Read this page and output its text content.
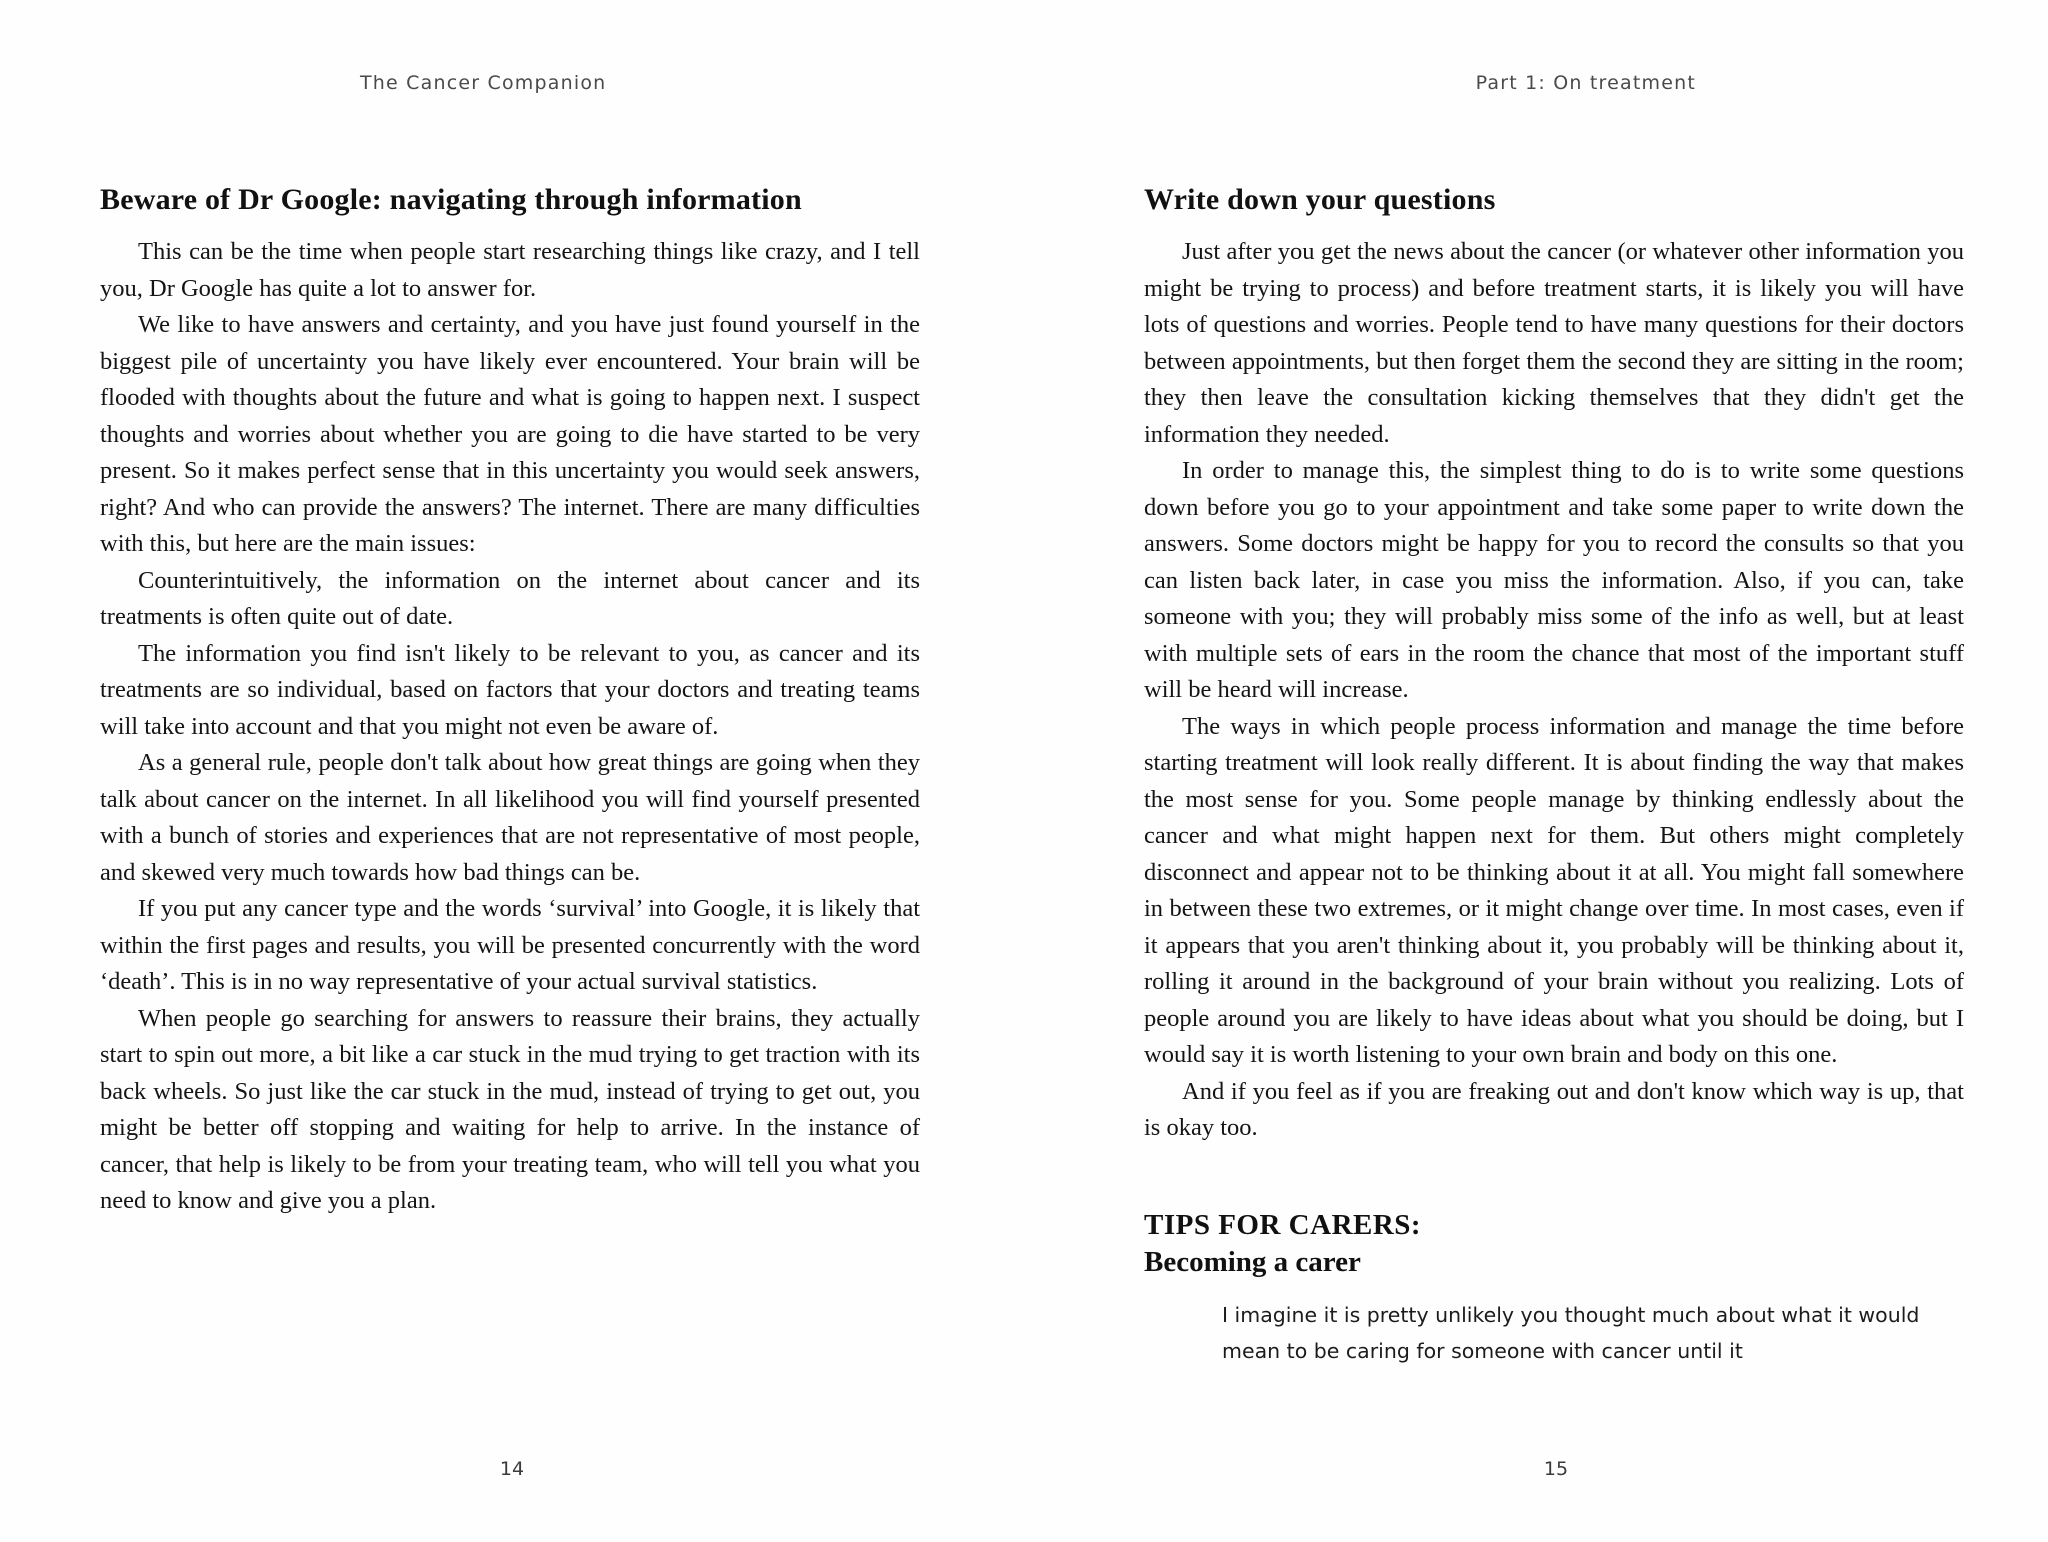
The Cancer Companion
Beware of Dr Google: navigating through information

This can be the time when people start researching things like crazy, and I tell you, Dr Google has quite a lot to answer for.

We like to have answers and certainty, and you have just found yourself in the biggest pile of uncertainty you have likely ever encountered. Your brain will be flooded with thoughts about the future and what is going to happen next. I suspect thoughts and worries about whether you are going to die have started to be very present. So it makes perfect sense that in this uncertainty you would seek answers, right? And who can provide the answers? The internet. There are many difficulties with this, but here are the main issues:

Counterintuitively, the information on the internet about cancer and its treatments is often quite out of date.

The information you find isn't likely to be relevant to you, as cancer and its treatments are so individual, based on factors that your doctors and treating teams will take into account and that you might not even be aware of.

As a general rule, people don't talk about how great things are going when they talk about cancer on the internet. In all likelihood you will find yourself presented with a bunch of stories and experiences that are not representative of most people, and skewed very much towards how bad things can be.

If you put any cancer type and the words ‘survival’ into Google, it is likely that within the first pages and results, you will be presented concurrently with the word ‘death’. This is in no way representative of your actual survival statistics.

When people go searching for answers to reassure their brains, they actually start to spin out more, a bit like a car stuck in the mud trying to get traction with its back wheels. So just like the car stuck in the mud, instead of trying to get out, you might be better off stopping and waiting for help to arrive. In the instance of cancer, that help is likely to be from your treating team, who will tell you what you need to know and give you a plan.

14
Part 1: On treatment
Write down your questions

Just after you get the news about the cancer (or whatever other information you might be trying to process) and before treatment starts, it is likely you will have lots of questions and worries. People tend to have many questions for their doctors between appointments, but then forget them the second they are sitting in the room; they then leave the consultation kicking themselves that they didn't get the information they needed.

In order to manage this, the simplest thing to do is to write some questions down before you go to your appointment and take some paper to write down the answers. Some doctors might be happy for you to record the consults so that you can listen back later, in case you miss the information. Also, if you can, take someone with you; they will probably miss some of the info as well, but at least with multiple sets of ears in the room the chance that most of the important stuff will be heard will increase.

The ways in which people process information and manage the time before starting treatment will look really different. It is about finding the way that makes the most sense for you. Some people manage by thinking endlessly about the cancer and what might happen next for them. But others might completely disconnect and appear not to be thinking about it at all. You might fall somewhere in between these two extremes, or it might change over time. In most cases, even if it appears that you aren't thinking about it, you probably will be thinking about it, rolling it around in the background of your brain without you realizing. Lots of people around you are likely to have ideas about what you should be doing, but I would say it is worth listening to your own brain and body on this one.

And if you feel as if you are freaking out and don't know which way is up, that is okay too.

TIPS FOR CARERS:
Becoming a carer

I imagine it is pretty unlikely you thought much about what it would mean to be caring for someone with cancer until it

15
